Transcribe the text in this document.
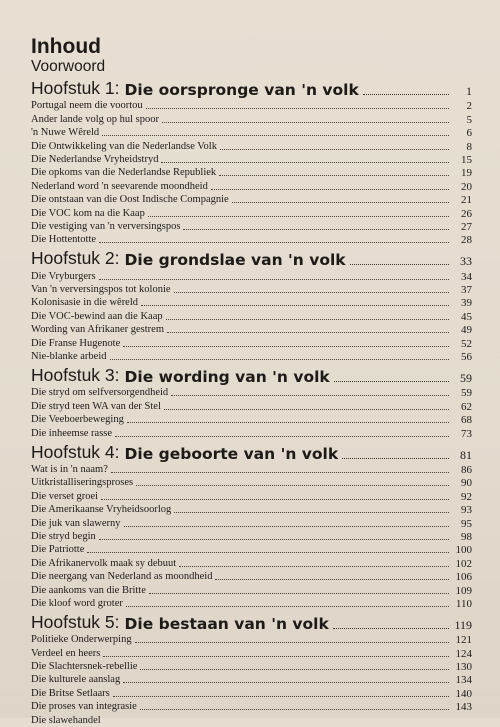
Inhoud
Voorwoord
Hoofstuk 1: Die oorspronge van 'n volk	1
Portugal neem die voortou	2
Ander lande volg op hul spoor	5
'n Nuwe Wêreld	6
Die Ontwikkeling van die Nederlandse Volk	8
Die Nederlandse Vryheidstryd	15
Die opkoms van die Nederlandse Republiek	19
Nederland word 'n seevarende moondheid	20
Die ontstaan van die Oost Indische Compagnie	21
Die VOC kom na die Kaap	26
Die vestiging van 'n verversingspos	27
Die Hottentotte	28
Hoofstuk 2: Die grondslae van 'n volk	33
Die Vryburgers	34
Van 'n verversingspos tot kolonie	37
Kolonisasie in die wêreld	39
Die VOC-bewind aan die Kaap	45
Wording van Afrikaner gestrem	49
Die Franse Hugenote	52
Nie-blanke arbeid	56
Hoofstuk 3: Die wording van 'n volk	59
Die stryd om selfversorgendheid	59
Die stryd teen WA van der Stel	62
Die Veeboerbeweging	68
Die inheemse rasse	73
Hoofstuk 4: Die geboorte van 'n volk	81
Wat is in 'n naam?	86
Uitkristalliseringsproses	90
Die verset groei	92
Die Amerikaanse Vryheidsoorlog	93
Die juk van slawerny	95
Die stryd begin	98
Die Patriotte	100
Die Afrikanervolk maak sy debuut	102
Die neergang van Nederland as moondheid	106
Die aankoms van die Britte	109
Die kloof word groter	110
Hoofstuk 5: Die bestaan van 'n volk	119
Politieke Onderwerping	121
Verdeel en heers	124
Die Slachtersnek-rebellie	130
Die kulturele aanslag	134
Die Britse Setlaars	140
Die proses van integrasie	143
Die slawehandel
